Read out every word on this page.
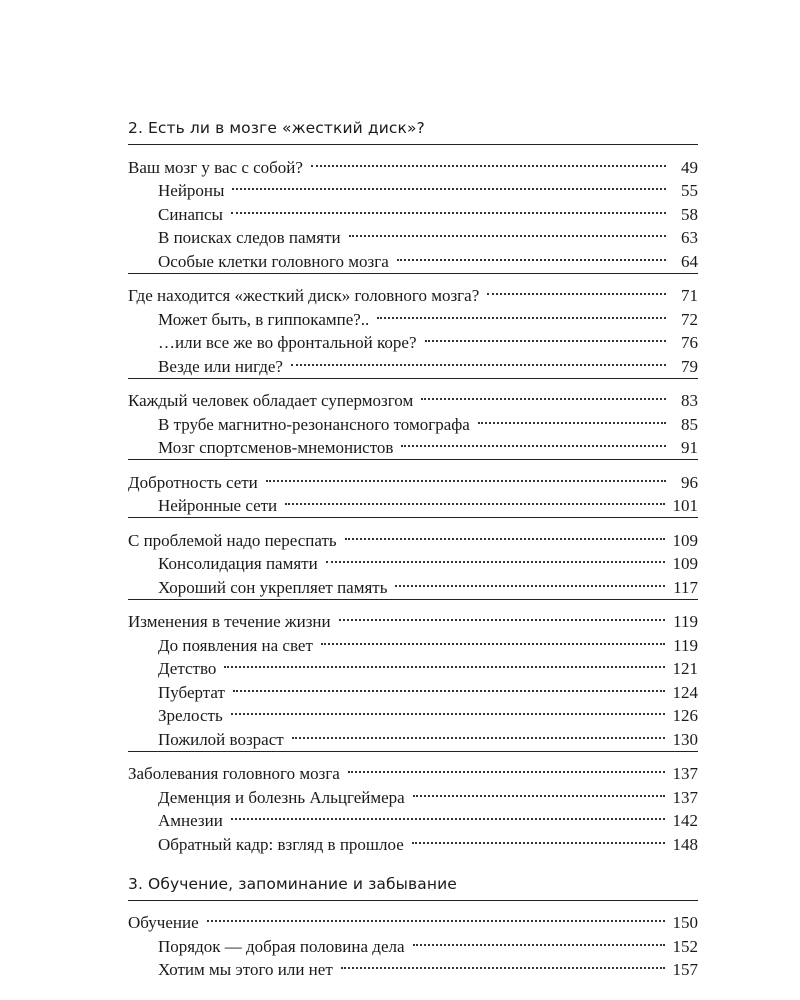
2. Есть ли в мозге «жесткий диск»?
Ваш мозг у вас с собой?	49
Нейроны	55
Синапсы	58
В поисках следов памяти	63
Особые клетки головного мозга	64
Где находится «жесткий диск» головного мозга?	71
Может быть, в гиппокампе?..	72
…или все же во фронтальной коре?	76
Везде или нигде?	79
Каждый человек обладает супермозгом	83
В трубе магнитно-резонансного томографа	85
Мозг спортсменов-мнемонистов	91
Добротность сети	96
Нейронные сети	101
С проблемой надо переспать	109
Консолидация памяти	109
Хороший сон укрепляет память	117
Изменения в течение жизни	119
До появления на свет	119
Детство	121
Пубертат	124
Зрелость	126
Пожилой возраст	130
Заболевания головного мозга	137
Деменция и болезнь Альцгеймера	137
Амнезии	142
Обратный кадр: взгляд в прошлое	148
3. Обучение, запоминание и забывание
Обучение	150
Порядок — добрая половина дела	152
Хотим мы этого или нет	157
